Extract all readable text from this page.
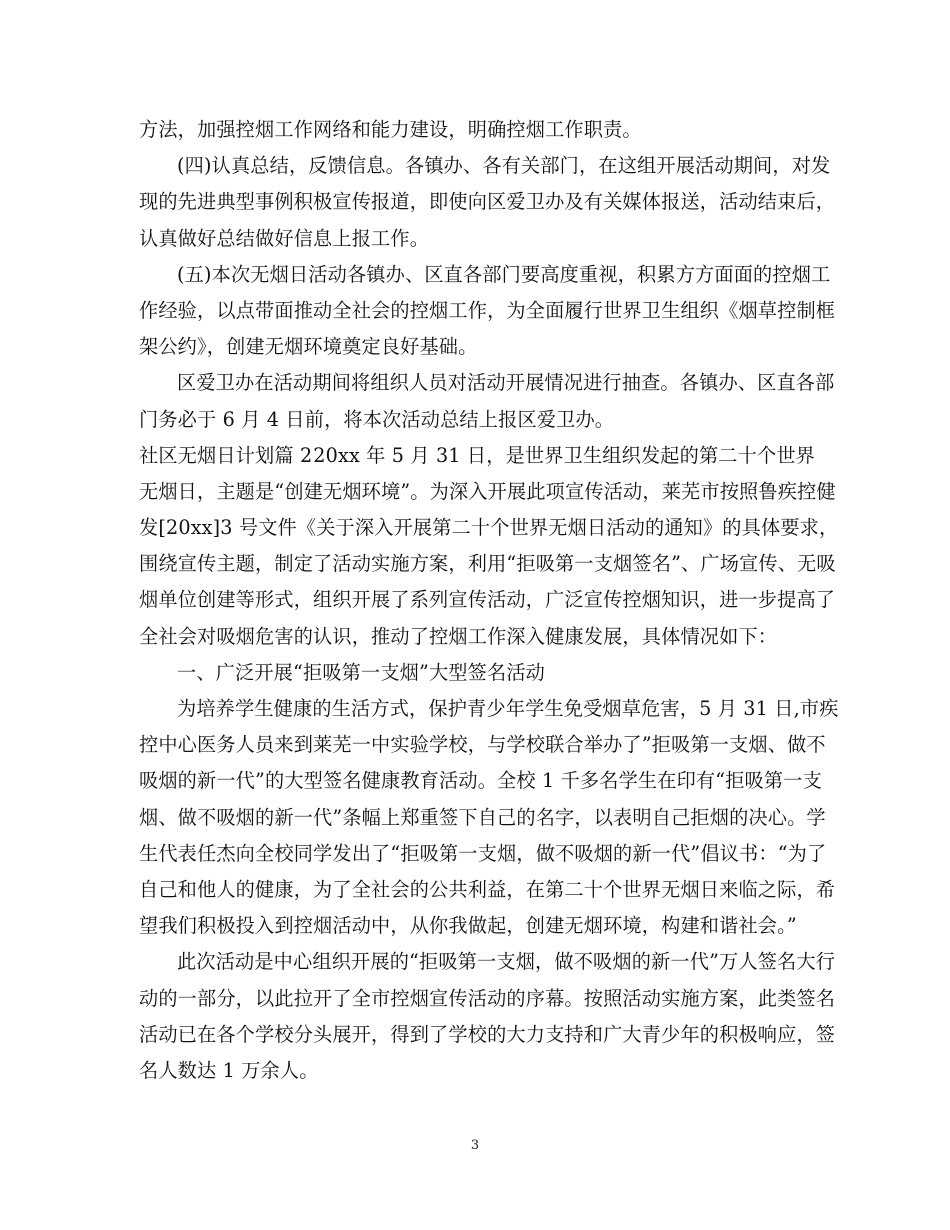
方法，加强控烟工作网络和能力建设，明确控烟工作职责。
(四)认真总结，反馈信息。各镇办、各有关部门，在这组开展活动期间，对发
现的先进典型事例积极宣传报道，即使向区爱卫办及有关媒体报送，活动结束后，
认真做好总结做好信息上报工作。
(五)本次无烟日活动各镇办、区直各部门要高度重视，积累方方面面的控烟工
作经验，以点带面推动全社会的控烟工作，为全面履行世界卫生组织《烟草控制框
架公约》，创建无烟环境奠定良好基础。
区爱卫办在活动期间将组织人员对活动开展情况进行抽查。各镇办、区直各部
门务必于 6 月 4 日前，将本次活动总结上报区爱卫办。
社区无烟日计划篇 2 20xx 年 5 月 31 日，是世界卫生组织发起的第二十个世界
无烟日，主题是“创建无烟环境”。为深入开展此项宣传活动，莱芜市按照鲁疾控健
发[20xx]3 号文件《关于深入开展第二十个世界无烟日活动的通知》的具体要求，
围绕宣传主题，制定了活动实施方案，利用“拒吸第一支烟签名”、广场宣传、无吸
烟单位创建等形式，组织开展了系列宣传活动，广泛宣传控烟知识，进一步提高了
全社会对吸烟危害的认识，推动了控烟工作深入健康发展，具体情况如下：
一、广泛开展“拒吸第一支烟”大型签名活动
为培养学生健康的生活方式，保护青少年学生免受烟草危害，5 月 31 日,市疾
控中心医务人员来到莱芜一中实验学校，与学校联合举办了”拒吸第一支烟、做不
吸烟的新一代”的大型签名健康教育活动。全校 1 千多名学生在印有“拒吸第一支
烟、做不吸烟的新一代”条幅上郑重签下自己的名字，以表明自己拒烟的决心。学
生代表任杰向全校同学发出了“拒吸第一支烟，做不吸烟的新一代”倡议书：“为了
自己和他人的健康，为了全社会的公共利益，在第二十个世界无烟日来临之际，希
望我们积极投入到控烟活动中，从你我做起，创建无烟环境，构建和谐社会。”
此次活动是中心组织开展的“拒吸第一支烟，做不吸烟的新一代”万人签名大行
动的一部分，以此拉开了全市控烟宣传活动的序幕。按照活动实施方案，此类签名
活动已在各个学校分头展开，得到了学校的大力支持和广大青少年的积极响应，签
名人数达 1 万余人。
3
